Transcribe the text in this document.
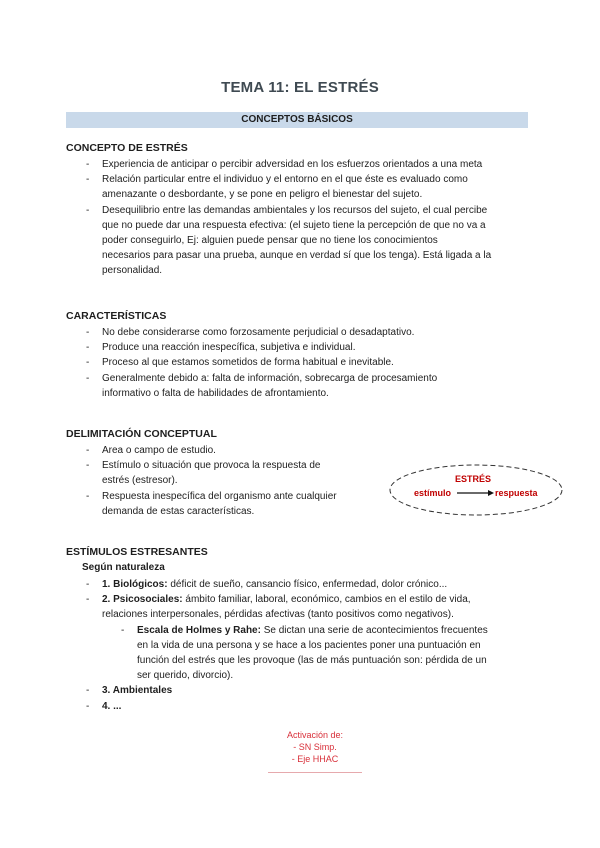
TEMA 11: EL ESTRÉS
CONCEPTOS BÁSICOS
CONCEPTO DE ESTRÉS
- Experiencia de anticipar o percibir adversidad en los esfuerzos orientados a una meta
- Relación particular entre el individuo y el entorno en el que éste es evaluado como
amenazante o desbordante, y se pone en peligro el bienestar del sujeto.
- Desequilibrio entre las demandas ambientales y los recursos del sujeto, el cual percibe
que no puede dar una respuesta efectiva: (el sujeto tiene la percepción de que no va a
poder conseguirlo, Ej: alguien puede pensar que no tiene los conocimientos
necesarios para pasar una prueba, aunque en verdad sí que los tenga). Está ligada a la
personalidad.
CARACTERÍSTICAS
- No debe considerarse como forzosamente perjudicial o desadaptativo.
- Produce una reacción inespecífica, subjetiva e individual.
- Proceso al que estamos sometidos de forma habitual e inevitable.
- Generalmente debido a: falta de información, sobrecarga de procesamiento
informativo o falta de habilidades de afrontamiento.
DELIMITACIÓN CONCEPTUAL
- Area o campo de estudio.
- Estímulo o situación que provoca la respuesta de
estrés (estresor).
- Respuesta inespecífica del organismo ante cualquier
demanda de estas características.
ESTRÉS
estímulo	respuesta
ESTÍMULOS ESTRESANTES
Según naturaleza
- 1. Biológicos: déficit de sueño, cansancio físico, enfermedad, dolor crónico...
- 2. Psicosociales: ámbito familiar, laboral, económico, cambios en el estilo de vida,
relaciones interpersonales, pérdidas afectivas (tanto positivos como negativos).
- Escala de Holmes y Rahe: Se dictan una serie de acontecimientos frecuentes
en la vida de una persona y se hace a los pacientes poner una puntuación en
función del estrés que les provoque (las de más puntuación son: pérdida de un
ser querido, divorcio).
- 3. Ambientales
- 4. ...
Activación de:
- SN Simp.
- Eje HHAC
